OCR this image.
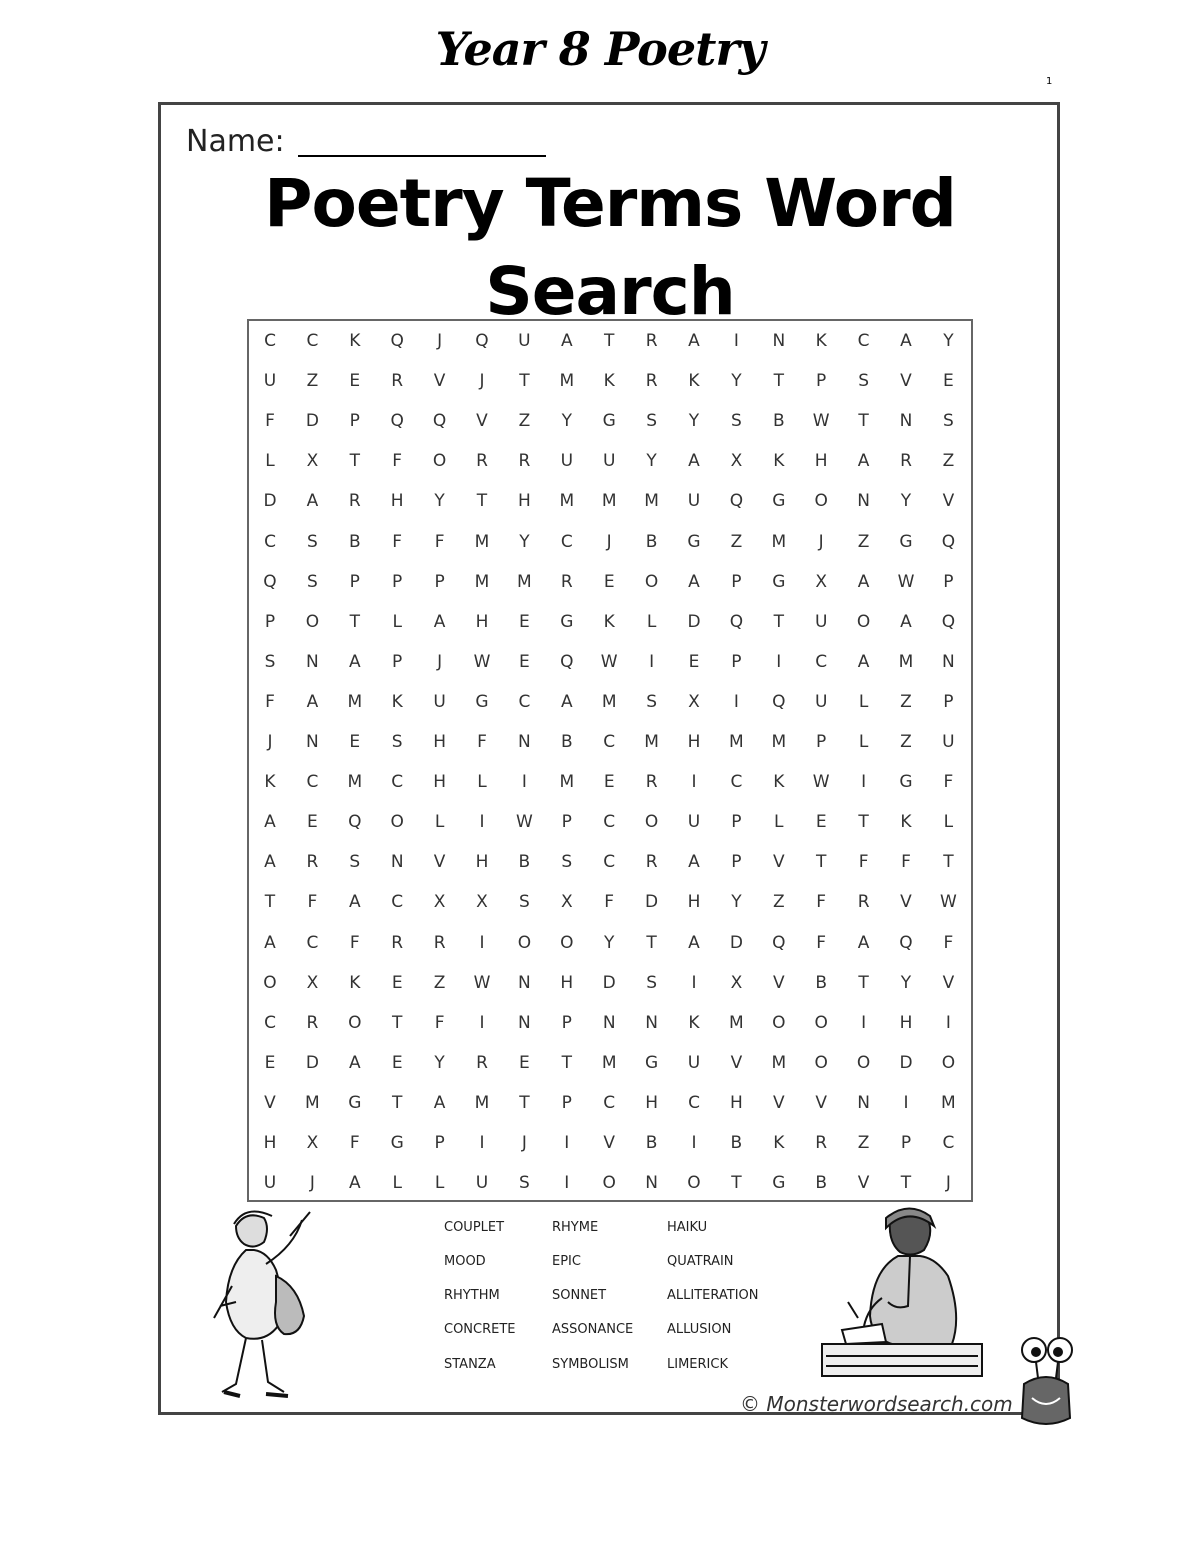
Year 8 Poetry
1
Name:
Poetry Terms Word
Search
C	C	K	Q	J	Q	U	A	T	R	A	I	N	K	C	A	Y
U	Z	E	R	V	J	T	M	K	R	K	Y	T	P	S	V	E
F	D	P	Q	Q	V	Z	Y	G	S	Y	S	B	W	T	N	S
L	X	T	F	O	R	R	U	U	Y	A	X	K	H	A	R	Z
D	A	R	H	Y	T	H	M	M	M	U	Q	G	O	N	Y	V
C	S	B	F	F	M	Y	C	J	B	G	Z	M	J	Z	G	Q
Q	S	P	P	P	M	M	R	E	O	A	P	G	X	A	W	P
P	O	T	L	A	H	E	G	K	L	D	Q	T	U	O	A	Q
S	N	A	P	J	W	E	Q	W	I	E	P	I	C	A	M	N
F	A	M	K	U	G	C	A	M	S	X	I	Q	U	L	Z	P
J	N	E	S	H	F	N	B	C	M	H	M	M	P	L	Z	U
K	C	M	C	H	L	I	M	E	R	I	C	K	W	I	G	F
A	E	Q	O	L	I	W	P	C	O	U	P	L	E	T	K	L
A	R	S	N	V	H	B	S	C	R	A	P	V	T	F	F	T
T	F	A	C	X	X	S	X	F	D	H	Y	Z	F	R	V	W
A	C	F	R	R	I	O	O	Y	T	A	D	Q	F	A	Q	F
O	X	K	E	Z	W	N	H	D	S	I	X	V	B	T	Y	V
C	R	O	T	F	I	N	P	N	N	K	M	O	O	I	H	I
E	D	A	E	Y	R	E	T	M	G	U	V	M	O	O	D	O
V	M	G	T	A	M	T	P	C	H	C	H	V	V	N	I	M
H	X	F	G	P	I	J	I	V	B	I	B	K	R	Z	P	C
U	J	A	L	L	U	S	I	O	N	O	T	G	B	V	T	J
COUPLET
MOOD
RHYTHM
CONCRETE
STANZA
RHYME
EPIC
SONNET
ASSONANCE
SYMBOLISM
HAIKU
QUATRAIN
ALLITERATION
ALLUSION
LIMERICK
© Monsterwordsearch.com
